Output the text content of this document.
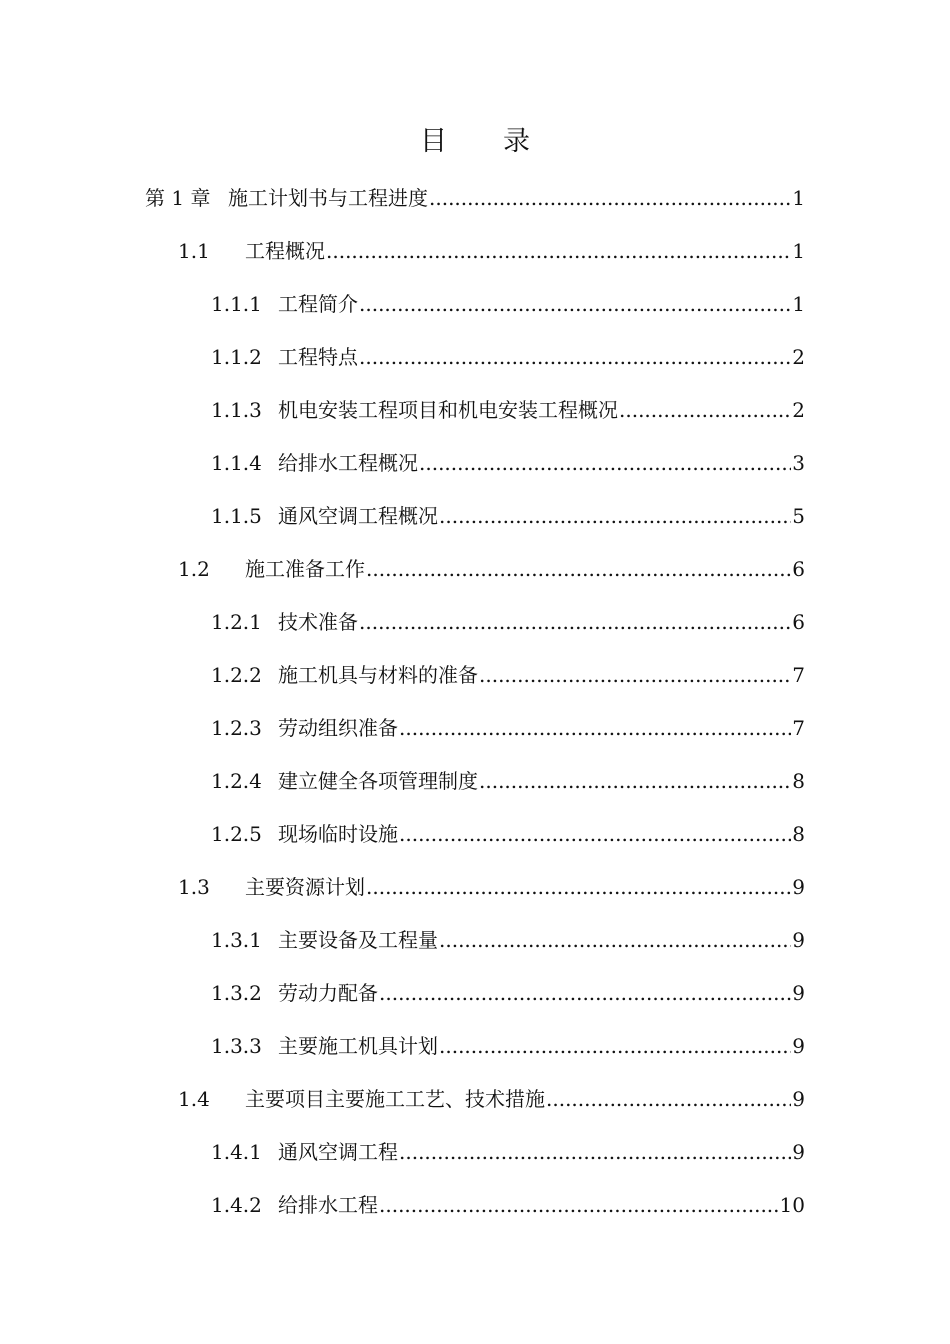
目 录
第 1 章 施工计划书与工程进度 .....	1
1.1	工程概况 .....	1
1.1.1 工程简介 .....	1
1.1.2 工程特点 .....	2
1.1.3 机电安装工程项目和机电安装工程概况 .....	2
1.1.4 给排水工程概况 .....	3
1.1.5 通风空调工程概况 .....	5
1.2	施工准备工作 .....	6
1.2.1 技术准备 .....	6
1.2.2 施工机具与材料的准备 .....	7
1.2.3 劳动组织准备 .....	7
1.2.4 建立健全各项管理制度 .....	8
1.2.5 现场临时设施 .....	8
1.3	主要资源计划 .....	9
1.3.1 主要设备及工程量 .....	9
1.3.2 劳动力配备 .....	9
1.3.3 主要施工机具计划 .....	9
1.4	主要项目主要施工工艺、技术措施 .....	9
1.4.1 通风空调工程 .....	9
1.4.2 给排水工程 .....	10
